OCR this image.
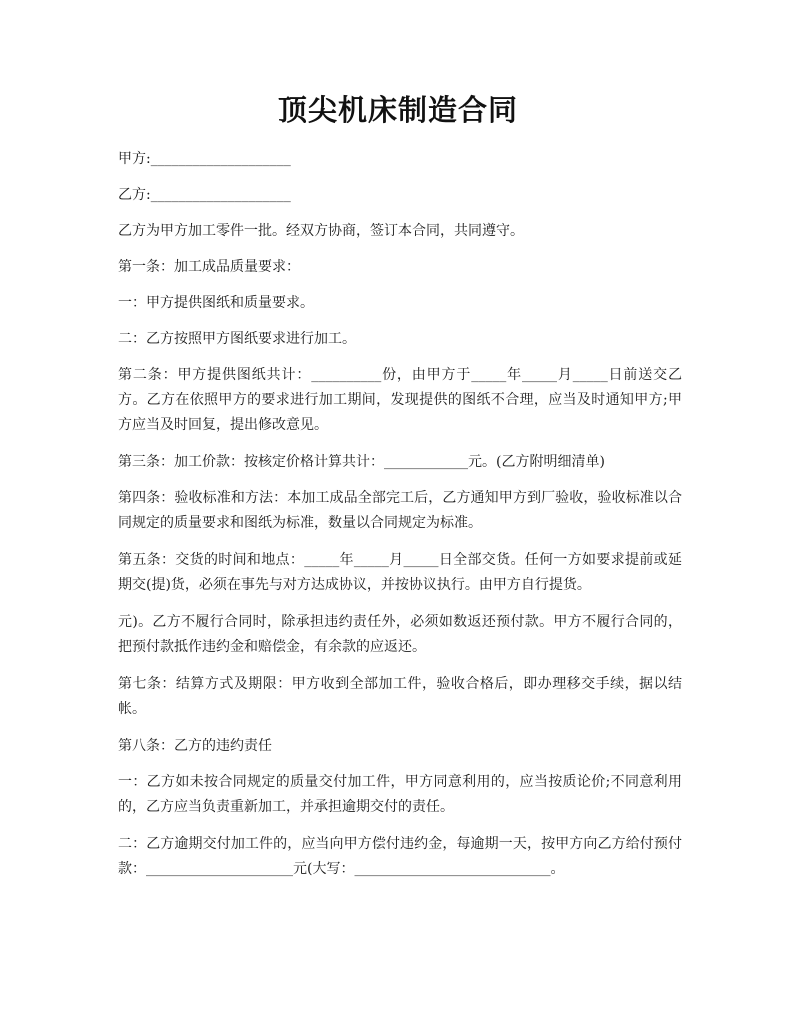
顶尖机床制造合同

甲方:____________________

乙方:____________________

乙方为甲方加工零件一批。经双方协商，签订本合同，共同遵守。

第一条：加工成品质量要求：

一：甲方提供图纸和质量要求。

二：乙方按照甲方图纸要求进行加工。

第二条：甲方提供图纸共计：__________份，由甲方于_____年_____月_____日前送交乙方。乙方在依照甲方的要求进行加工期间，发现提供的图纸不合理，应当及时通知甲方;甲方应当及时回复，提出修改意见。

第三条：加工价款：按核定价格计算共计：____________元。(乙方附明细清单)

第四条：验收标准和方法：本加工成品全部完工后，乙方通知甲方到厂验收，验收标准以合同规定的质量要求和图纸为标准，数量以合同规定为标准。

第五条：交货的时间和地点：_____年_____月_____日全部交货。任何一方如要求提前或延期交(提)货，必须在事先与对方达成协议，并按协议执行。由甲方自行提货。

元)。乙方不履行合同时，除承担违约责任外，必须如数返还预付款。甲方不履行合同的，把预付款抵作违约金和赔偿金，有余款的应返还。

第七条：结算方式及期限：甲方收到全部加工件，验收合格后，即办理移交手续，据以结帐。

第八条：乙方的违约责任

一：乙方如未按合同规定的质量交付加工件，甲方同意利用的，应当按质论价;不同意利用的，乙方应当负责重新加工，并承担逾期交付的责任。

二：乙方逾期交付加工件的，应当向甲方偿付违约金，每逾期一天，按甲方向乙方给付预付款：_____________________元(大写：____________________________。
